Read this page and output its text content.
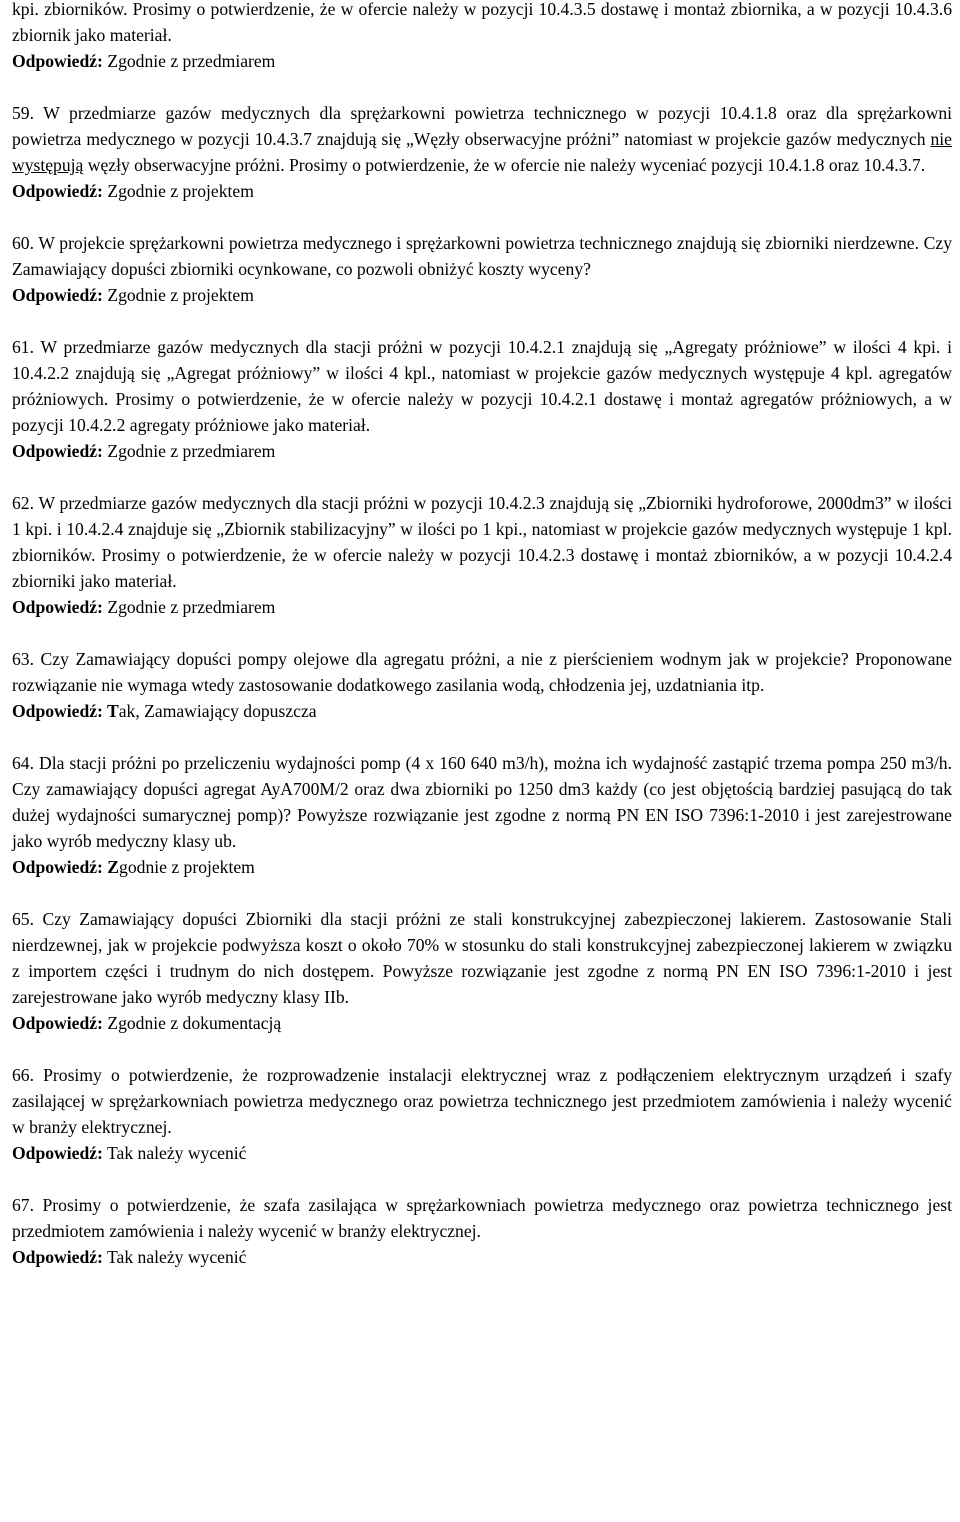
kpi. zbiorników. Prosimy o potwierdzenie, że w ofercie należy w pozycji 10.4.3.5 dostawę i montaż zbiornika, a w pozycji 10.4.3.6 zbiornik jako materiał.
Odpowiedź: Zgodnie z przedmiarem
59. W przedmiarze gazów medycznych dla sprężarkowni powietrza technicznego w pozycji 10.4.1.8 oraz dla sprężarkowni powietrza medycznego w pozycji 10.4.3.7 znajdują się „Węzły obserwacyjne próżni” natomiast w projekcie gazów medycznych nie występują węzły obserwacyjne próżni. Prosimy o potwierdzenie, że w ofercie nie należy wyceniać pozycji 10.4.1.8 oraz 10.4.3.7.
Odpowiedź: Zgodnie z projektem
60. W projekcie sprężarkowni powietrza medycznego i sprężarkowni powietrza technicznego znajdują się zbiorniki nierdzewne. Czy Zamawiający dopuści zbiorniki ocynkowane, co pozwoli obniżyć koszty wyceny?
Odpowiedź: Zgodnie z projektem
61. W przedmiarze gazów medycznych dla stacji próżni w pozycji 10.4.2.1 znajdują się „Agregaty próżniowe” w ilości 4 kpi. i 10.4.2.2 znajdują się „Agregat próżniowy” w ilości 4 kpl., natomiast w projekcie gazów medycznych występuje 4 kpl. agregatów próżniowych. Prosimy o potwierdzenie, że w ofercie należy w pozycji 10.4.2.1 dostawę i montaż agregatów próżniowych, a w pozycji 10.4.2.2 agregaty próżniowe jako materiał.
Odpowiedź: Zgodnie z przedmiarem
62. W przedmiarze gazów medycznych dla stacji próżni w pozycji 10.4.2.3 znajdują się „Zbiorniki hydroforowe, 2000dm3” w ilości 1 kpi. i 10.4.2.4 znajduje się „Zbiornik stabilizacyjny” w ilości po 1 kpi., natomiast w projekcie gazów medycznych występuje 1 kpl. zbiorników. Prosimy o potwierdzenie, że w ofercie należy w pozycji 10.4.2.3 dostawę i montaż zbiorników, a w pozycji 10.4.2.4 zbiorniki jako materiał.
Odpowiedź: Zgodnie z przedmiarem
63. Czy Zamawiający dopuści pompy olejowe dla agregatu próżni, a nie z pierścieniem wodnym jak w projekcie? Proponowane rozwiązanie nie wymaga wtedy zastosowanie dodatkowego zasilania wodą, chłodzenia jej, uzdatniania itp.
Odpowiedź: Tak, Zamawiający dopuszcza
64. Dla stacji próżni po przeliczeniu wydajności pomp (4 x 160 640 m3/h), można ich wydajność zastąpić trzema pompa 250 m3/h. Czy zamawiający dopuści agregat AyA700M/2 oraz dwa zbiorniki po 1250 dm3 każdy (co jest objętością bardziej pasującą do tak dużej wydajności sumarycznej pomp)? Powyższe rozwiązanie jest zgodne z normą PN EN ISO 7396:1-2010 i jest zarejestrowane jako wyrób medyczny klasy ub.
Odpowiedź: Zgodnie z projektem
65. Czy Zamawiający dopuści Zbiorniki dla stacji próżni ze stali konstrukcyjnej zabezpieczonej lakierem. Zastosowanie Stali nierdzewnej, jak w projekcie podwyższa koszt o około 70% w stosunku do stali konstrukcyjnej zabezpieczonej lakierem w związku z importem części i trudnym do nich dostępem. Powyższe rozwiązanie jest zgodne z normą PN EN ISO 7396:1-2010 i jest zarejestrowane jako wyrób medyczny klasy IIb.
Odpowiedź: Zgodnie z dokumentacją
66. Prosimy o potwierdzenie, że rozprowadzenie instalacji elektrycznej wraz z podłączeniem elektrycznym urządzeń i szafy zasilającej w sprężarkowniach powietrza medycznego oraz powietrza technicznego jest przedmiotem zamówienia i należy wycenić w branży elektrycznej.
Odpowiedź: Tak należy wycenić
67. Prosimy o potwierdzenie, że szafa zasilająca w sprężarkowniach powietrza medycznego oraz powietrza technicznego jest przedmiotem zamówienia i należy wycenić w branży elektrycznej.
Odpowiedź: Tak należy wycenić
